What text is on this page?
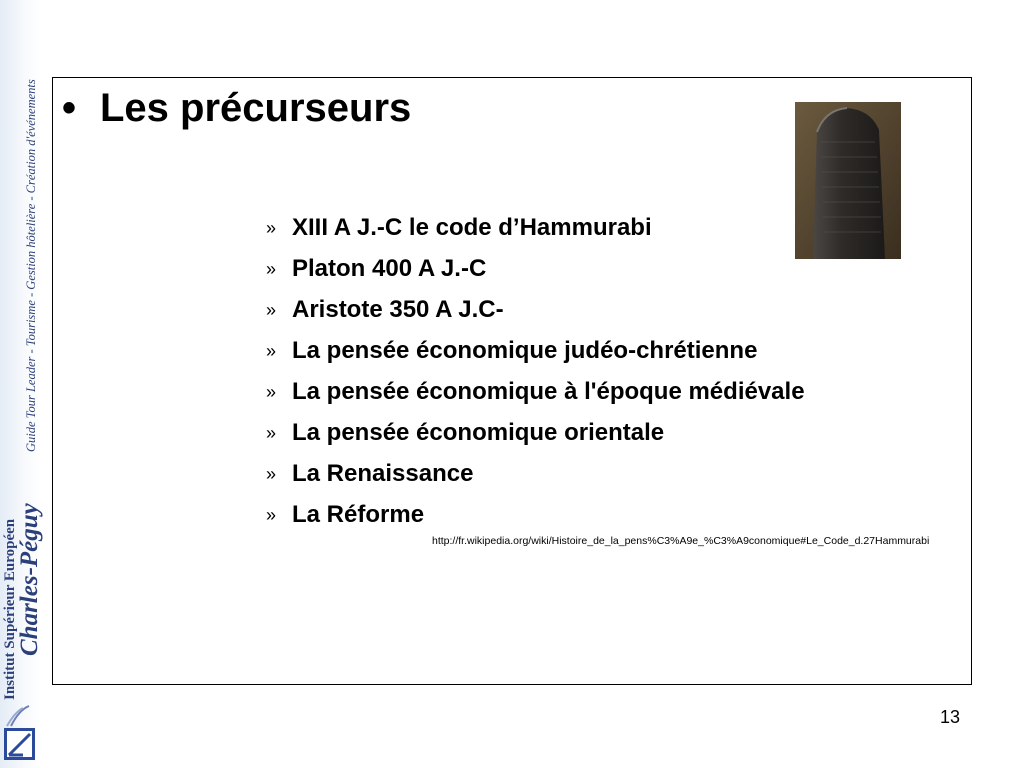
Institut Supérieur Européen
Charles-Péguy
Guide Tour Leader - Tourisme - Gestion hôtelière - Création d'événements • Les précurseurs
» XIII A J.-C le code d’Hammurabi
» Platon 400 A J.-C
» Aristote 350 A J.C-
» La pensée économique judéo-chrétienne
» La pensée économique à l'époque médiévale
» La pensée économique orientale
» La Renaissance
» La Réforme
http://fr.wikipedia.org/wiki/Histoire_de_la_pens%C3%A9e_%C3%A9conomique#Le_Code_d.27Hammurabi
13
